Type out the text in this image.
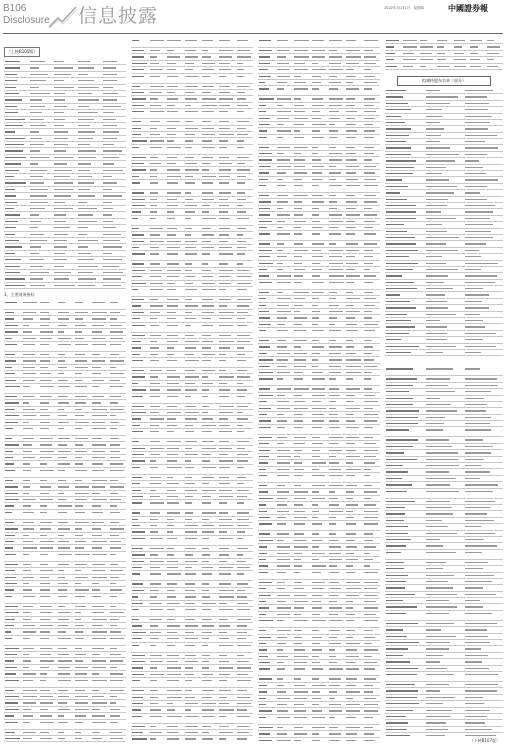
B106
Disclosure 信息披露	2022年3月31日　星期四	中國證券報
（上接B105版）
3、主要财务指标
拟减持股东名单（部分）
（下转B107版）
